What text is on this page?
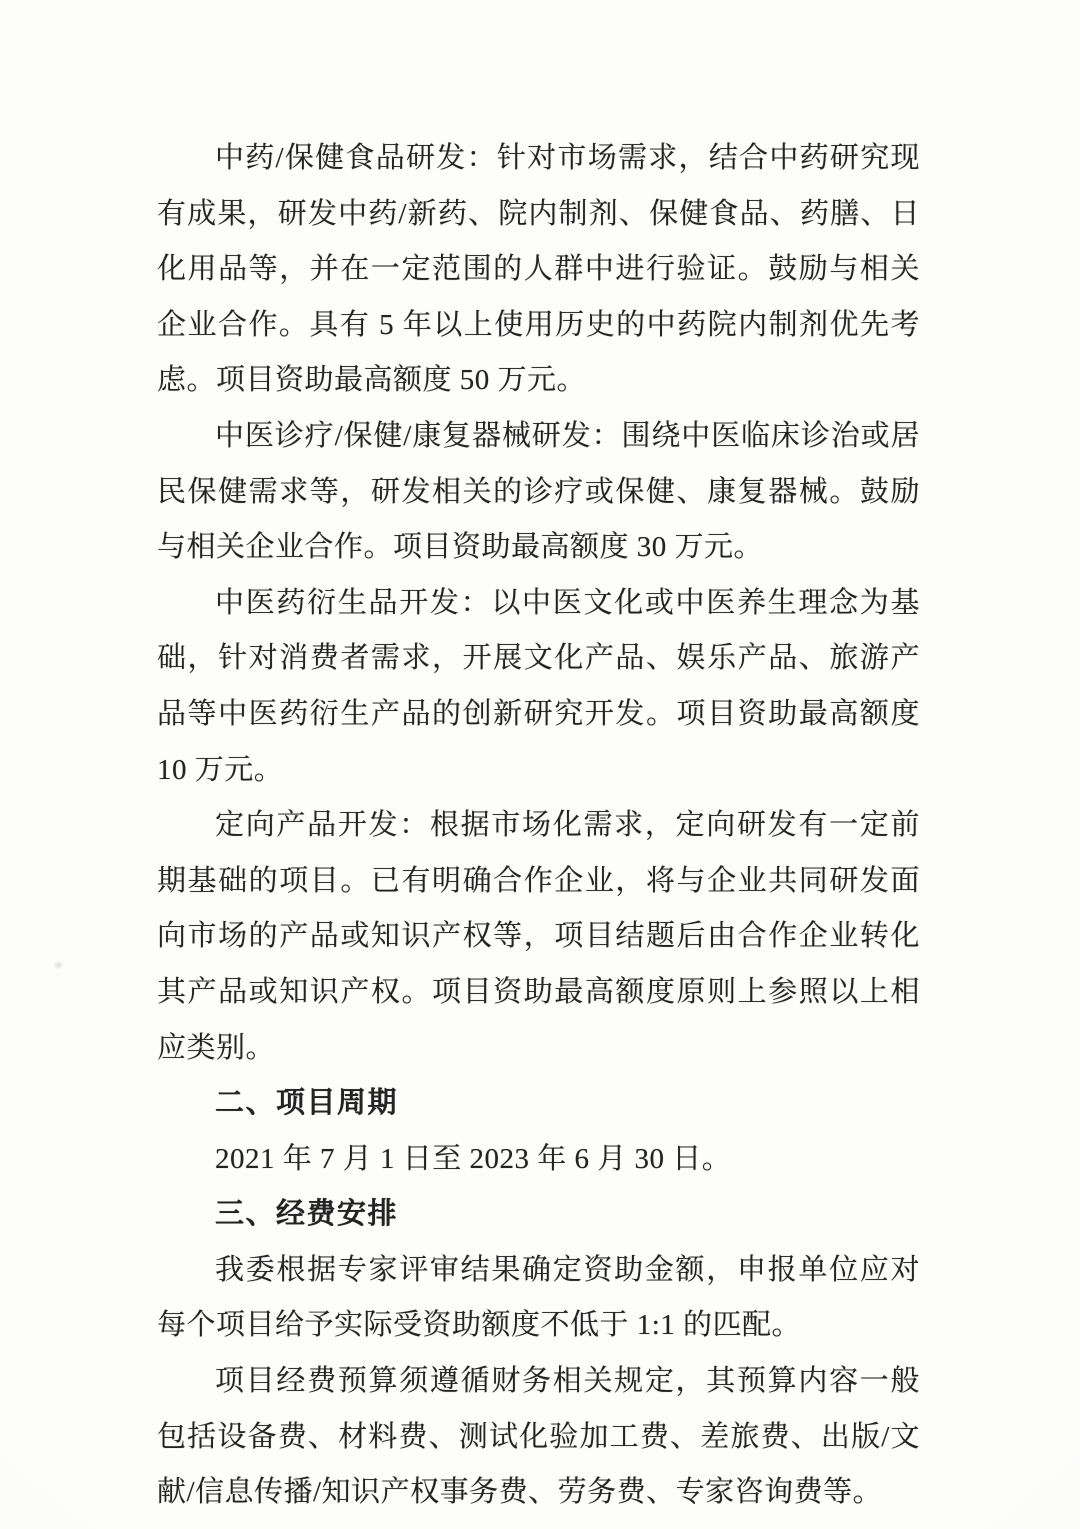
中药/保健食品研发：针对市场需求，结合中药研究现有成果，研发中药/新药、院内制剂、保健食品、药膳、日化用品等，并在一定范围的人群中进行验证。鼓励与相关企业合作。具有 5 年以上使用历史的中药院内制剂优先考虑。项目资助最高额度 50 万元。

中医诊疗/保健/康复器械研发：围绕中医临床诊治或居民保健需求等，研发相关的诊疗或保健、康复器械。鼓励与相关企业合作。项目资助最高额度 30 万元。

中医药衍生品开发：以中医文化或中医养生理念为基础，针对消费者需求，开展文化产品、娱乐产品、旅游产品等中医药衍生产品的创新研究开发。项目资助最高额度 10 万元。

定向产品开发：根据市场化需求，定向研发有一定前期基础的项目。已有明确合作企业，将与企业共同研发面向市场的产品或知识产权等，项目结题后由合作企业转化其产品或知识产权。项目资助最高额度原则上参照以上相应类别。

二、项目周期

2021 年 7 月 1 日至 2023 年 6 月 30 日。

三、经费安排

我委根据专家评审结果确定资助金额，申报单位应对每个项目给予实际受资助额度不低于 1:1 的匹配。

项目经费预算须遵循财务相关规定，其预算内容一般包括设备费、材料费、测试化验加工费、差旅费、出版/文献/信息传播/知识产权事务费、劳务费、专家咨询费等。
